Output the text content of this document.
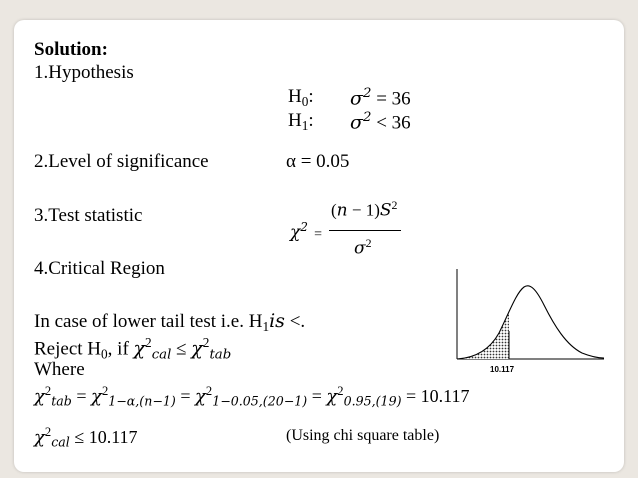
Solution:
1.Hypothesis
$H_0$: $\sigma^2 = 36$
$H_1$: $\sigma^2 < 36$
2.Level of significance	α = 0.05
3.Test statistic
$\chi^2$ =
$(n - 1)S^2$
$\sigma^2$
4.Critical Region
In case of lower tail test i.e. $H_1is$ <.
Reject $H_0$, if $\chi^2_{cal} \le \chi^2_{tab}$
Where
$\chi^2_{tab} = \chi^2_{1-\alpha,(n-1)} = \chi^2_{1-0.05,(20-1)} = \chi^2_{0.95,(19)} = 10.117$
$\chi^2_{cal} \le 10.117$	(Using chi square table)
10.117
